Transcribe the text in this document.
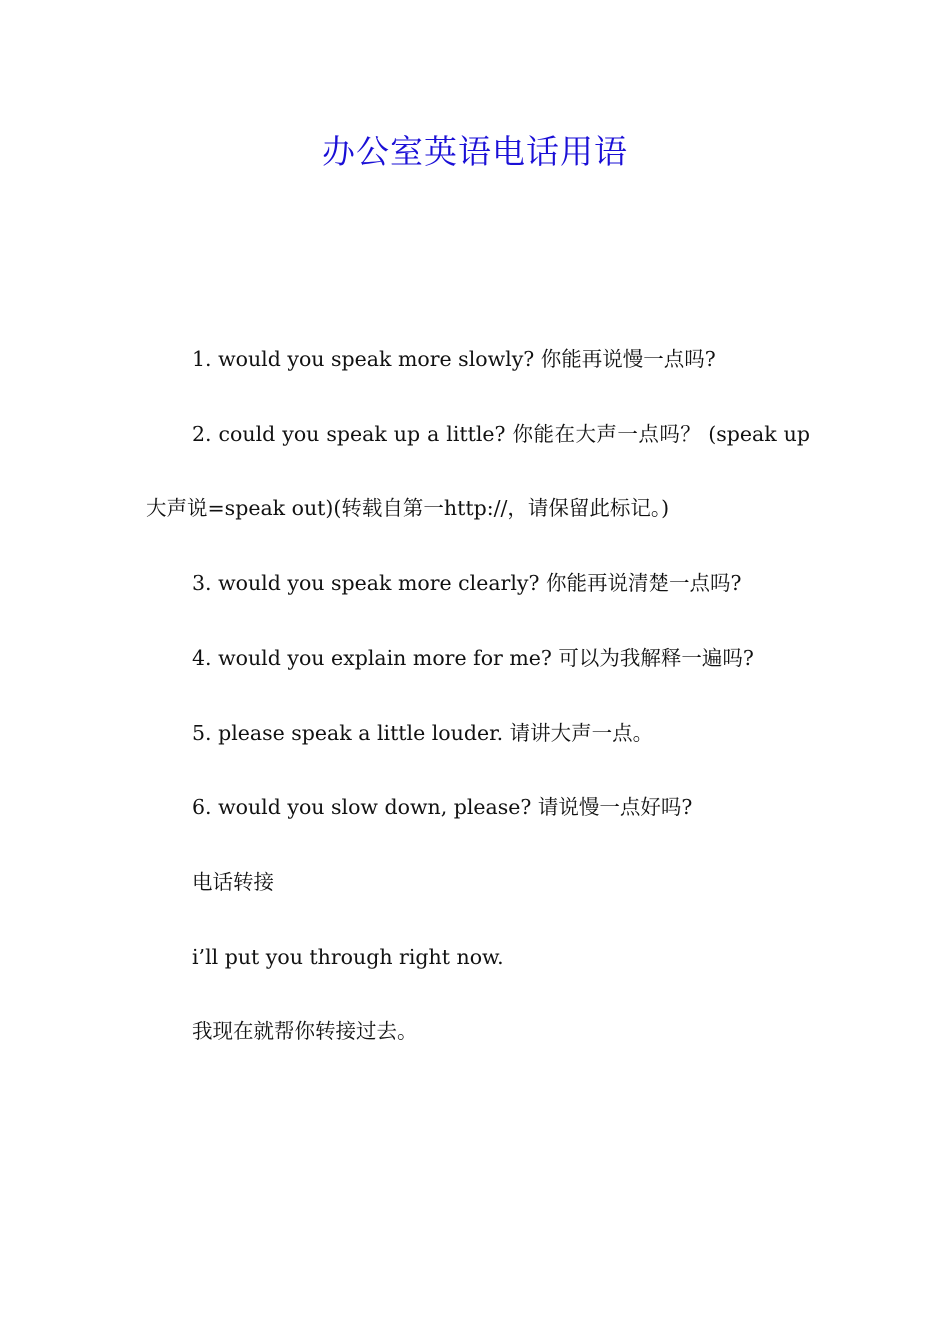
办公室英语电话用语

1. would you speak more slowly? 你能再说慢一点吗?

2. could you speak up a little? 你能在大声一点吗？ (speak up 大声说=speak out)(转载自第一http://，请保留此标记。)

3. would you speak more clearly? 你能再说清楚一点吗?

4. would you explain more for me? 可以为我解释一遍吗?

5. please speak a little louder. 请讲大声一点。

6. would you slow down, please? 请说慢一点好吗?

电话转接

i’ll put you through right now.

我现在就帮你转接过去。
